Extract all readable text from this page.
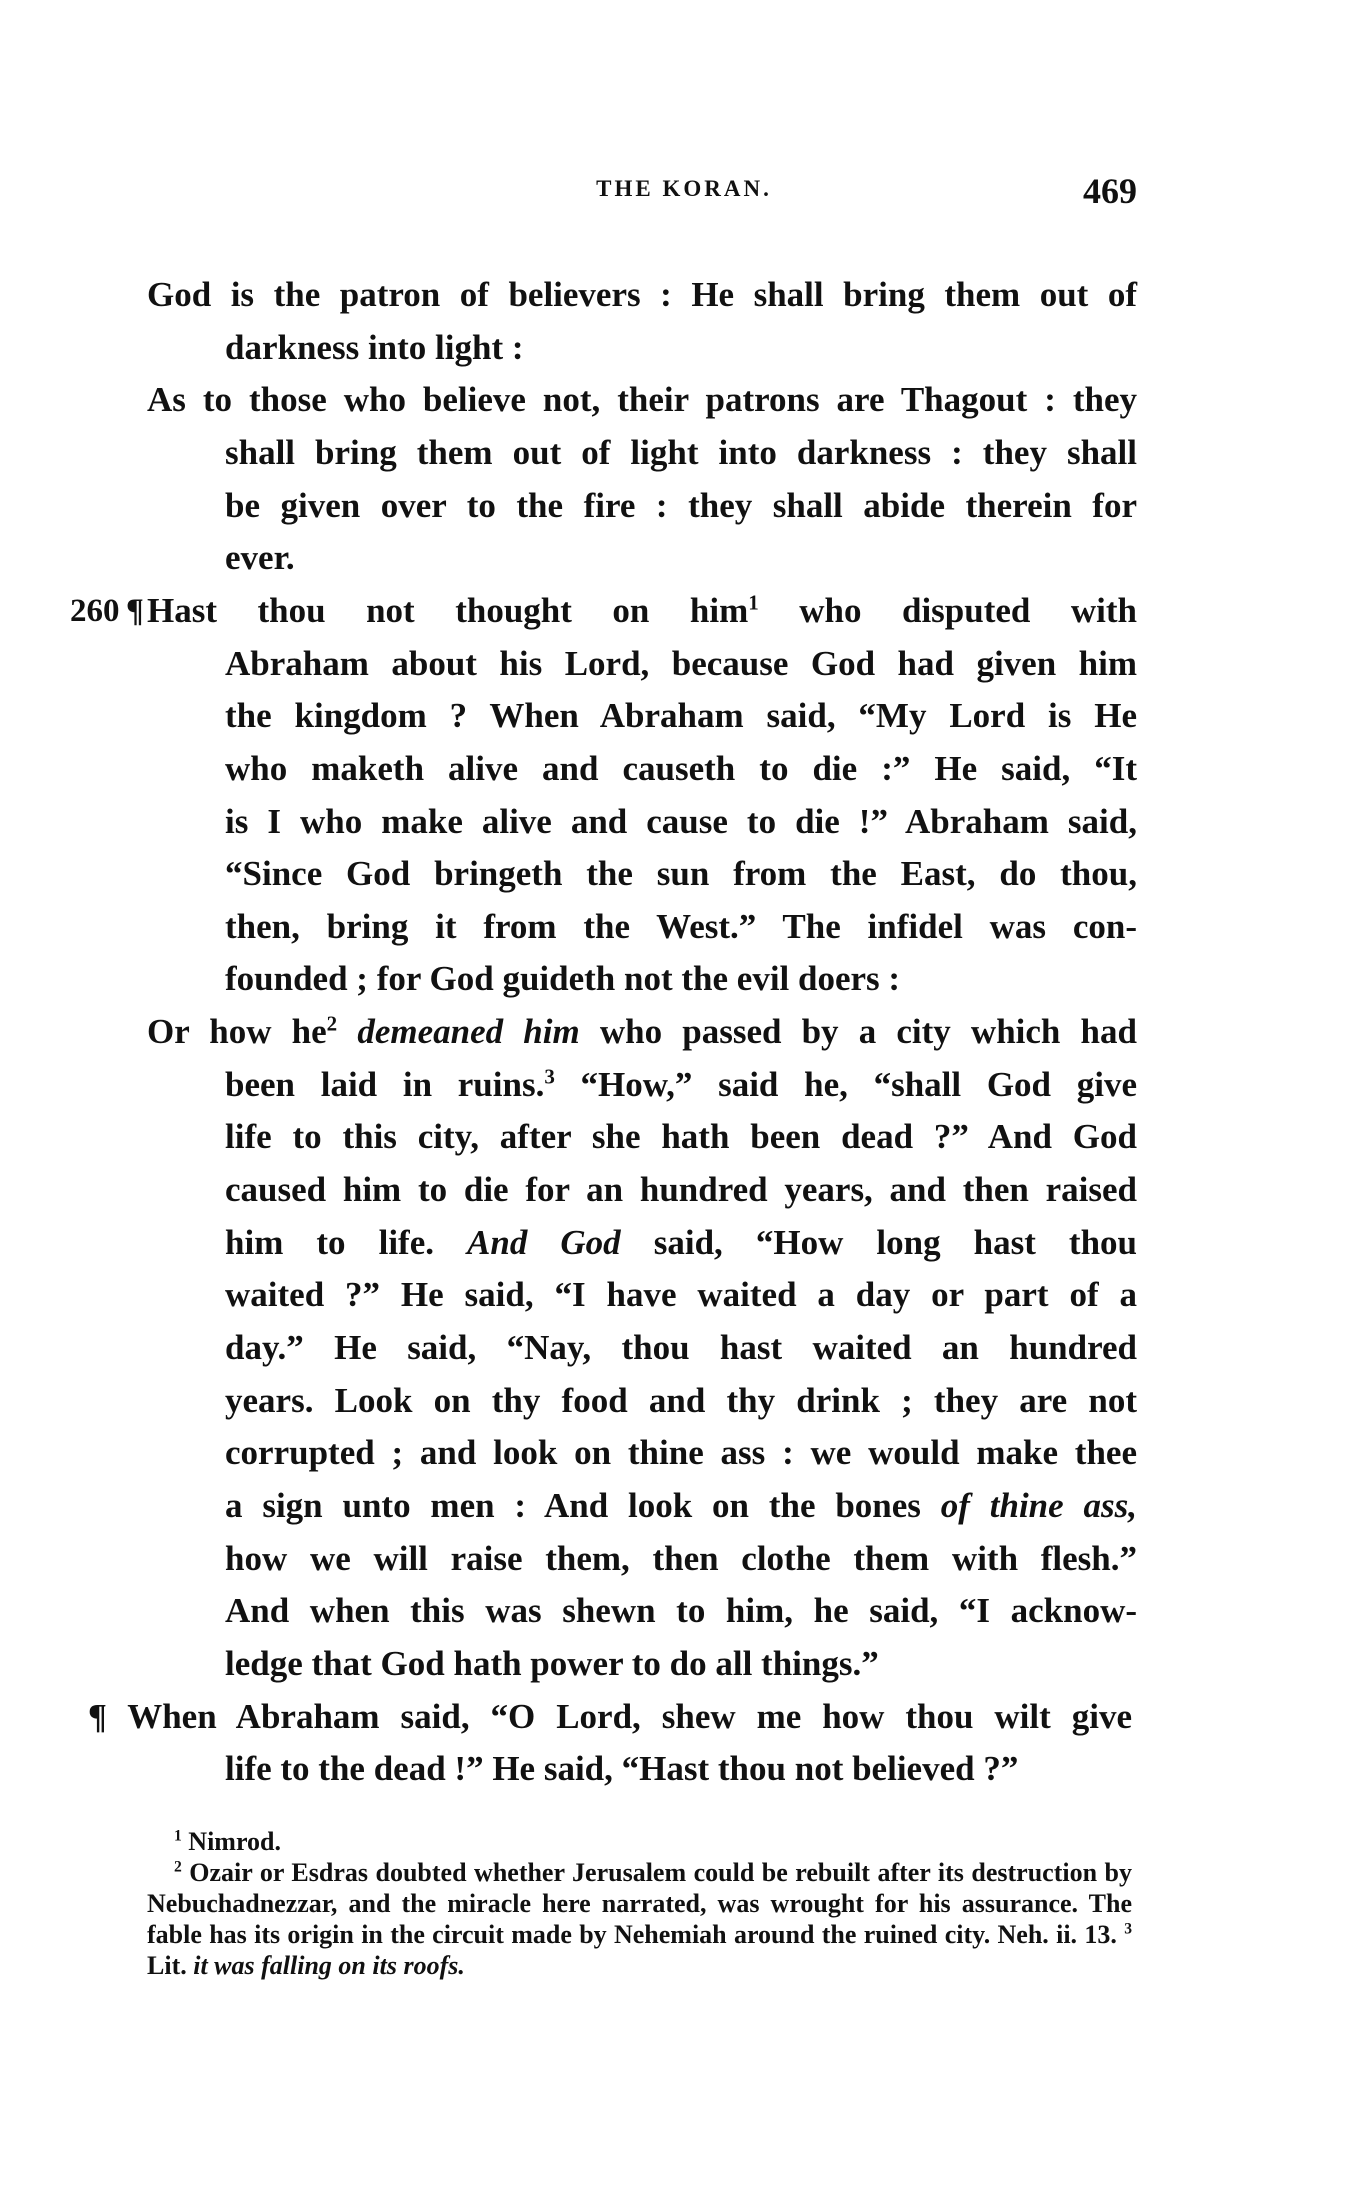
THE KORAN.	469
God is the patron of believers : He shall bring them out of
darkness into light :
As to those who believe not, their patrons are Thagout : they
shall bring them out of light into darkness : they shall
be given over to the fire : they shall abide therein for
ever.
Hast thou not thought on him$^1$ who disputed with
260 ¶
Abraham about his Lord, because God had given him
the kingdom ? When Abraham said, “My Lord is He
who maketh alive and causeth to die :” He said, “It
is I who make alive and cause to die !” Abraham said,
“Since God bringeth the sun from the East, do thou,
then, bring it from the West.” The infidel was con-
founded ; for God guideth not the evil doers :
Or how $he^2$ demeaned him who passed by a city which had
been laid in ruins.$^3$ “How,” said he, “shall God give
life to this city, after she hath been dead ?” And God
caused him to die for an hundred years, and then raised
him to life. And God said, “How long hast thou
waited ?” He said, “I have waited a day or part of a
day.” He said, “Nay, thou hast waited an hundred
years. Look on thy food and thy drink ; they are not
corrupted ; and look on thine ass : we would make thee
a sign unto men : And look on the bones of thine ass,
how we will raise them, then clothe them with flesh.”
And when this was shewn to him, he said, “I acknow-
ledge that God hath power to do all things.”
¶ When Abraham said, “O Lord, shew me how thou wilt give
life to the dead !” He said, “Hast thou not believed ?”
$^1$ Nimrod.
$^2$ Ozair or Esdras doubted whether Jerusalem could be rebuilt after its destruction by Nebuchadnezzar, and the miracle here narrated, was wrought for his assurance. The fable has its origin in the circuit made by Nehemiah around the ruined city. Neh. ii. 13. $^3$ Lit. it was falling on its roofs.
